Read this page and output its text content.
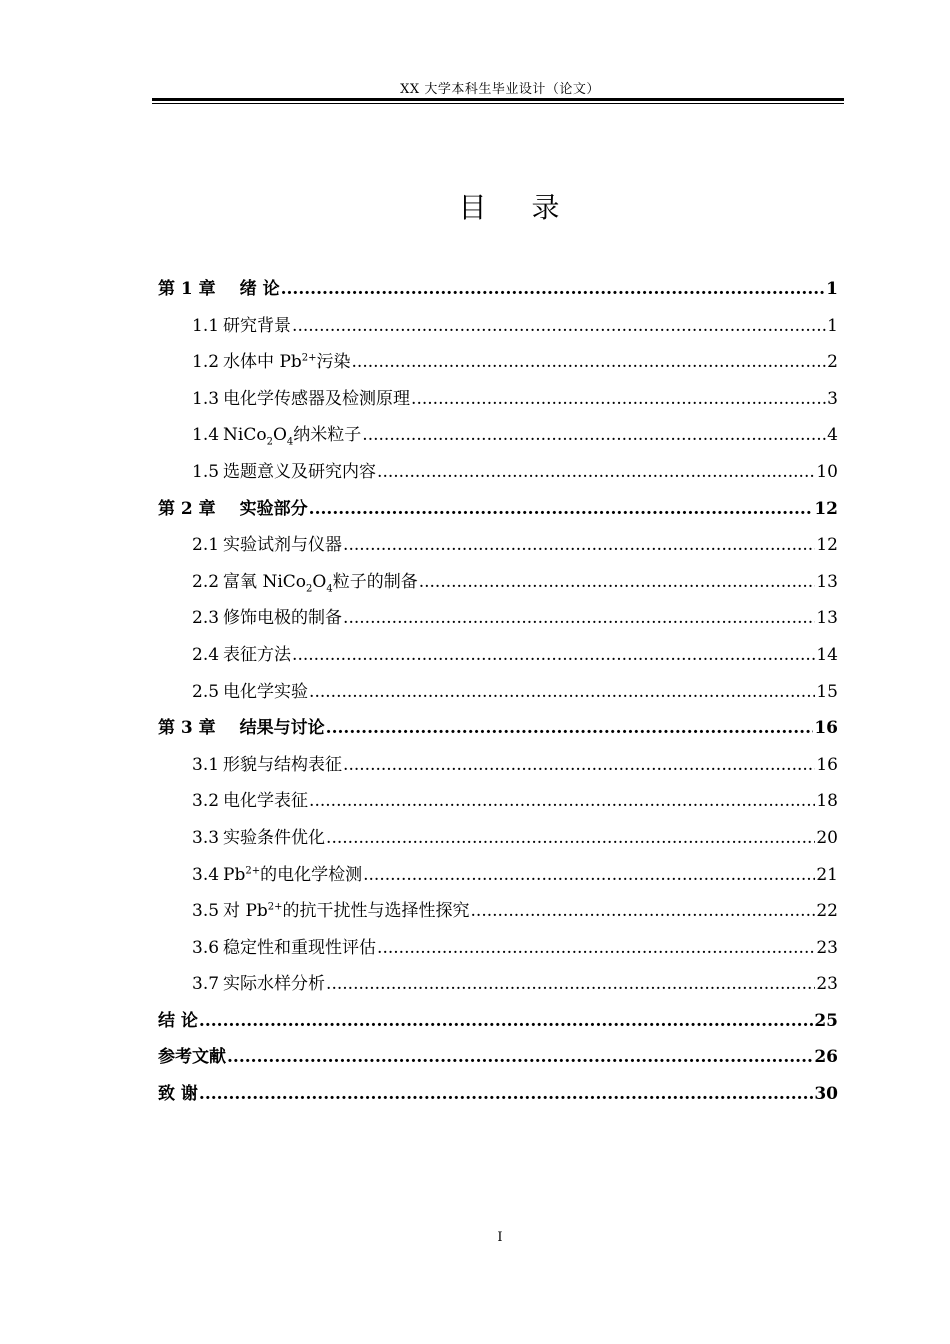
XX 大学本科生毕业设计（论文）
目 录
第 1 章 绪 论 .....	1
1.1 研究背景 .....	1
1.2 水体中 $Pb^{2+}$污染 .....	2
1.3 电化学传感器及检测原理 .....	3
1.4 $NiCo_2O_4$纳米粒子 .....	4
1.5 选题意义及研究内容 .....	10
第 2 章 实验部分 .....	12
2.1 实验试剂与仪器 .....	12
2.2 富氧 $NiCo_2O_4$粒子的制备 .....	13
2.3 修饰电极的制备 .....	13
2.4 表征方法 .....	14
2.5 电化学实验 .....	15
第 3 章 结果与讨论 .....	16
3.1 形貌与结构表征 .....	16
3.2 电化学表征 .....	18
3.3 实验条件优化 .....	20
3.4 $Pb^{2+}$的电化学检测 .....	21
3.5 对 $Pb^{2+}$的抗干扰性与选择性探究 .....	22
3.6 稳定性和重现性评估 .....	23
3.7 实际水样分析 .....	23
结 论 .....	25
参考文献 .....	26
致 谢 .....	30
I
